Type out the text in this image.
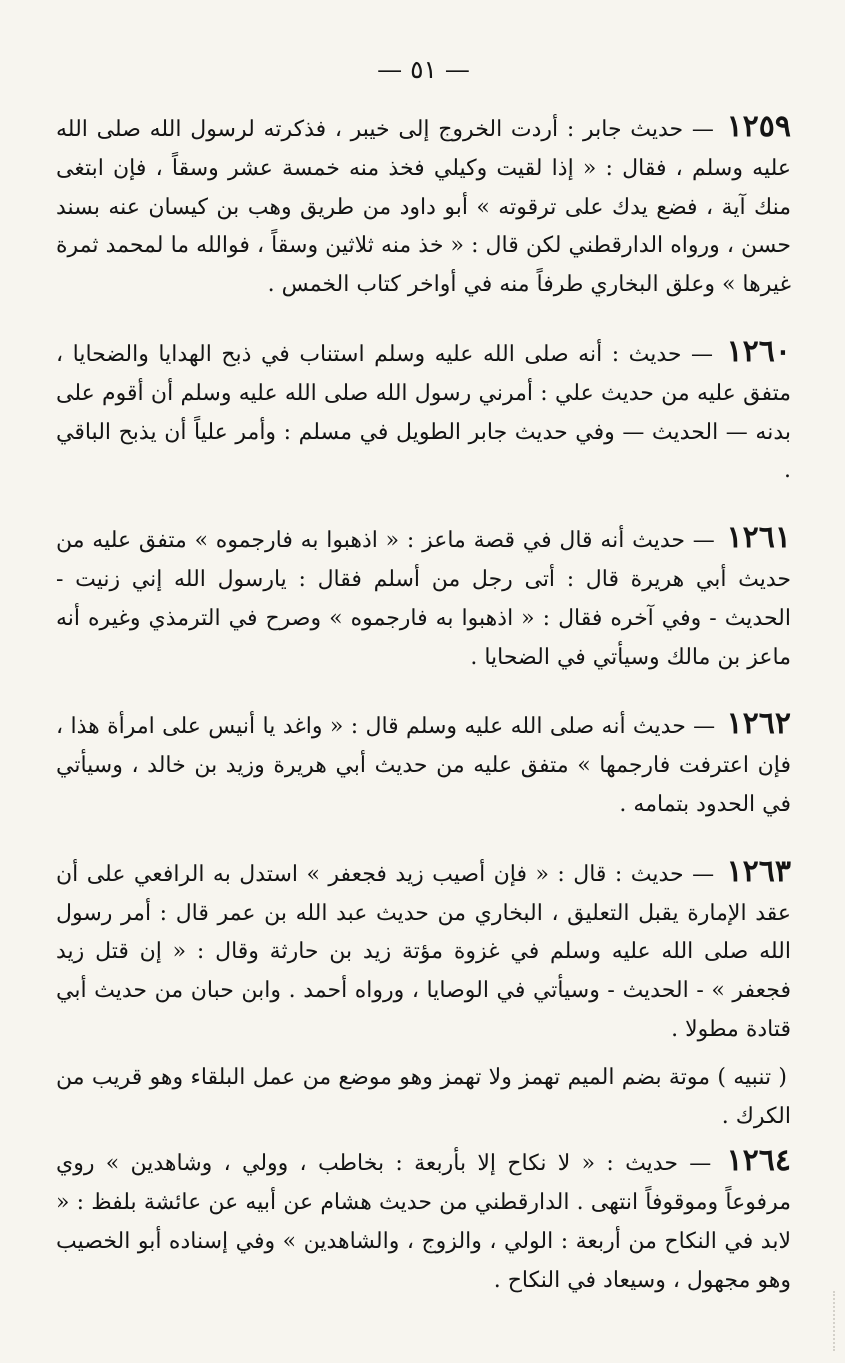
— ٥١ —

١٢٥٩ — حديث جابر : أردت الخروج إلى خيبر ، فذكرته لرسول الله صلى الله عليه وسلم ، فقال : « إذا لقيت وكيلي فخذ منه خمسة عشر وسقاً ، فإن ابتغى منك آية ، فضع يدك على ترقوته » أبو داود من طريق وهب بن كيسان عنه بسند حسن ، ورواه الدارقطني لكن قال : « خذ منه ثلاثين وسقاً ، فوالله ما لمحمد ثمرة غيرها » وعلق البخاري طرفاً منه في أواخر كتاب الخمس .

١٢٦٠ — حديث : أنه صلى الله عليه وسلم استناب في ذبح الهدايا والضحايا ، متفق عليه من حديث علي : أمرني رسول الله صلى الله عليه وسلم أن أقوم على بدنه — الحديث — وفي حديث جابر الطويل في مسلم : وأمر علياً أن يذبح الباقي .

١٢٦١ — حديث أنه قال في قصة ماعز : « اذهبوا به فارجموه » متفق عليه من حديث أبي هريرة قال : أتى رجل من أسلم فقال : يارسول الله إني زنيت - الحديث - وفي آخره فقال : « اذهبوا به فارجموه » وصرح في الترمذي وغيره أنه ماعز بن مالك وسيأتي في الضحايا .

١٢٦٢ — حديث أنه صلى الله عليه وسلم قال : « واغد يا أنيس على امرأة هذا ، فإن اعترفت فارجمها » متفق عليه من حديث أبي هريرة وزيد بن خالد ، وسيأتي في الحدود بتمامه .

١٢٦٣ — حديث : قال : « فإن أصيب زيد فجعفر » استدل به الرافعي على أن عقد الإمارة يقبل التعليق ، البخاري من حديث عبد الله بن عمر قال : أمر رسول الله صلى الله عليه وسلم في غزوة مؤتة زيد بن حارثة وقال : « إن قتل زيد فجعفر » - الحديث - وسيأتي في الوصايا ، ورواه أحمد . وابن حبان من حديث أبي قتادة مطولا .

( تنبيه ) موتة بضم الميم تهمز ولا تهمز وهو موضع من عمل البلقاء وهو قريب من الكرك .

١٢٦٤ — حديث : « لا نكاح إلا بأربعة : بخاطب ، وولي ، وشاهدين » روي مرفوعاً وموقوفاً انتهى . الدارقطني من حديث هشام عن أبيه عن عائشة بلفظ : « لابد في النكاح من أربعة : الولي ، والزوج ، والشاهدين » وفي إسناده أبو الخصيب وهو مجهول ، وسيعاد في النكاح .
